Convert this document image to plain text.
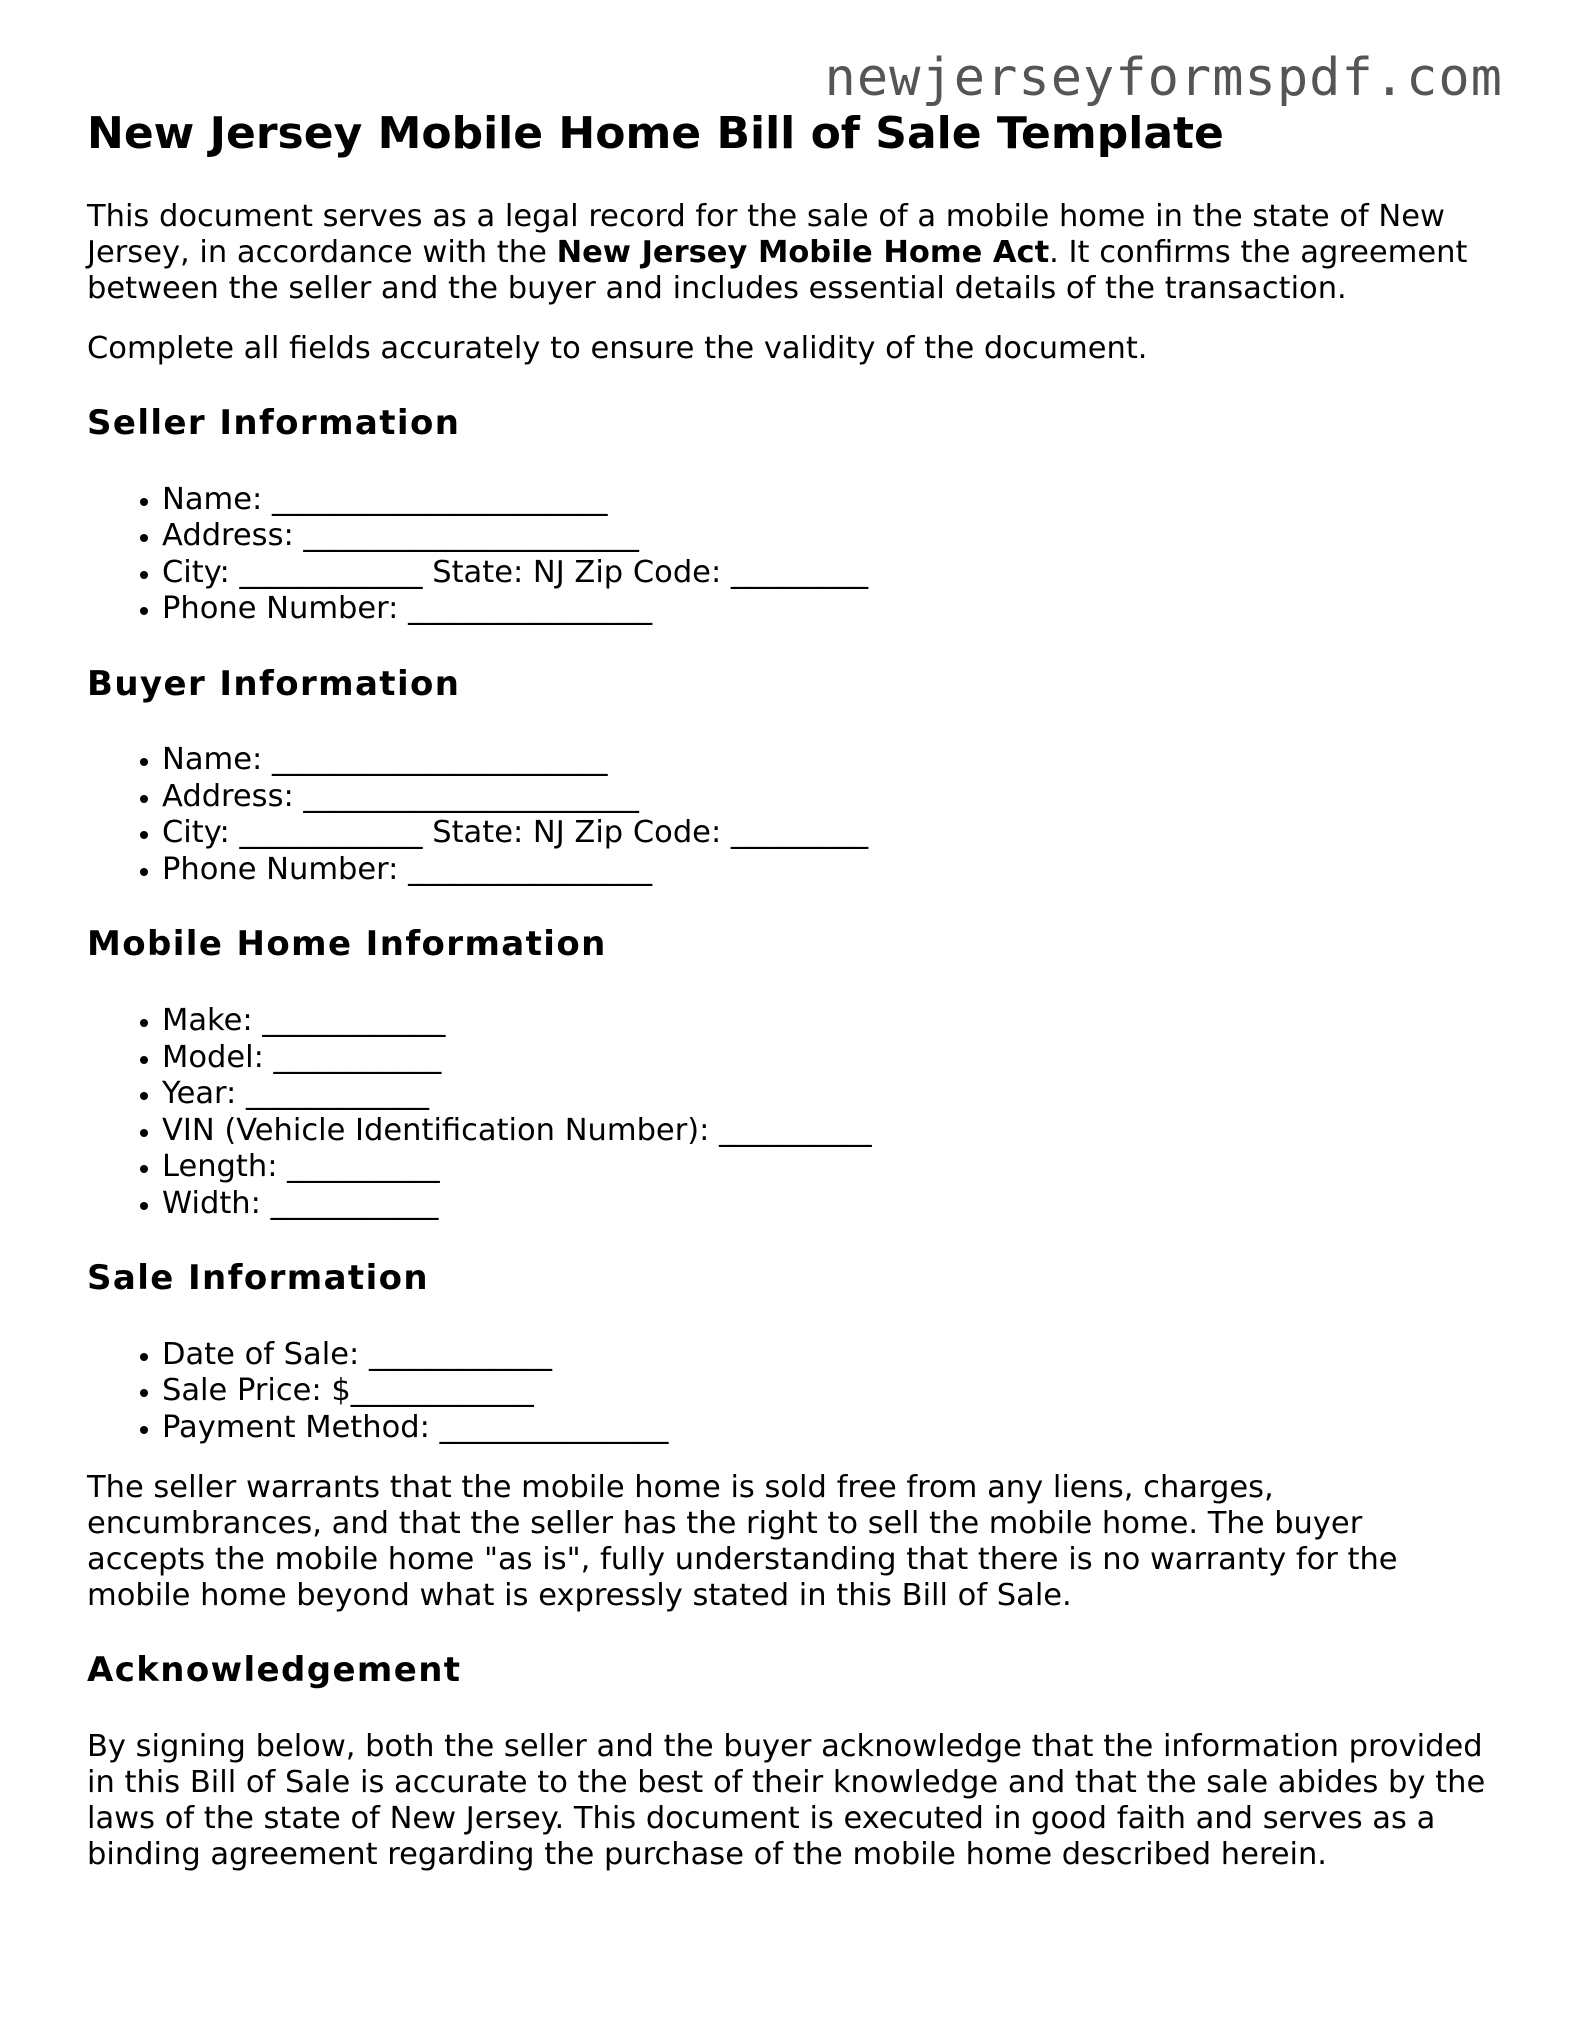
newjerseyformspdf.com
New Jersey Mobile Home Bill of Sale Template

This document serves as a legal record for the sale of a mobile home in the state of New Jersey, in accordance with the New Jersey Mobile Home Act. It confirms the agreement between the seller and the buyer and includes essential details of the transaction.

Complete all fields accurately to ensure the validity of the document.

Seller Information
• Name: ______________________
• Address: ______________________
• City: ____________ State: NJ Zip Code: _________
• Phone Number: ________________
Buyer Information
• Name: ______________________
• Address: ______________________
• City: ____________ State: NJ Zip Code: _________
• Phone Number: ________________
Mobile Home Information
• Make: ____________
• Model: ___________
• Year: ____________
• VIN (Vehicle Identification Number): __________
• Length: __________
• Width: ___________
Sale Information
• Date of Sale: ____________
• Sale Price: $____________
• Payment Method: _______________

The seller warrants that the mobile home is sold free from any liens, charges, encumbrances, and that the seller has the right to sell the mobile home. The buyer accepts the mobile home "as is", fully understanding that there is no warranty for the mobile home beyond what is expressly stated in this Bill of Sale.

Acknowledgement

By signing below, both the seller and the buyer acknowledge that the information provided in this Bill of Sale is accurate to the best of their knowledge and that the sale abides by the laws of the state of New Jersey. This document is executed in good faith and serves as a binding agreement regarding the purchase of the mobile home described herein.
